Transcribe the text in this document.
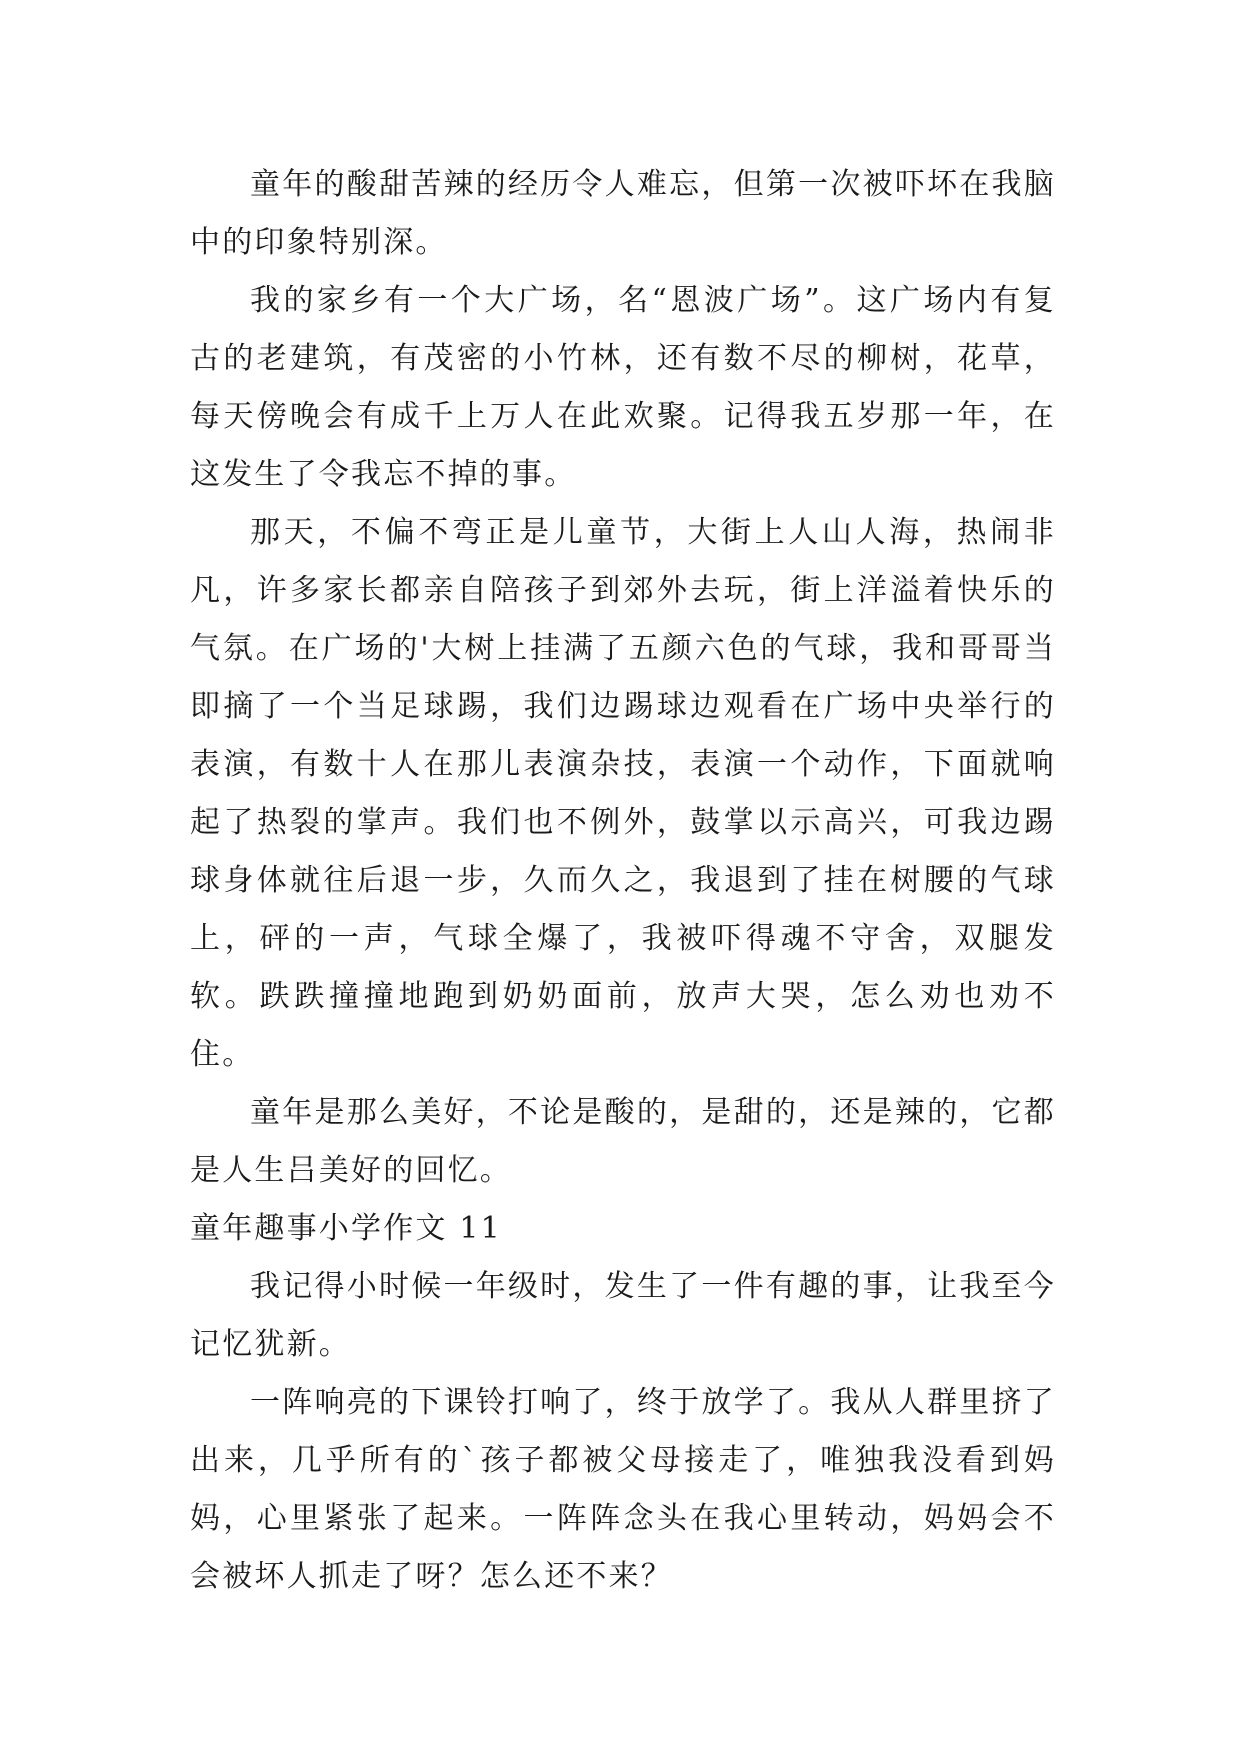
童年的酸甜苦辣的经历令人难忘，但第一次被吓坏在我脑中的印象特别深。

我的家乡有一个大广场，名“恩波广场”。这广场内有复古的老建筑，有茂密的小竹林，还有数不尽的柳树，花草，每天傍晚会有成千上万人在此欢聚。记得我五岁那一年，在这发生了令我忘不掉的事。

那天，不偏不弯正是儿童节，大街上人山人海，热闹非凡，许多家长都亲自陪孩子到郊外去玩，街上洋溢着快乐的气氛。在广场的'大树上挂满了五颜六色的气球，我和哥哥当即摘了一个当足球踢，我们边踢球边观看在广场中央举行的表演，有数十人在那儿表演杂技，表演一个动作，下面就响起了热裂的掌声。我们也不例外，鼓掌以示高兴，可我边踢球身体就往后退一步，久而久之，我退到了挂在树腰的气球上，砰的一声，气球全爆了，我被吓得魂不守舍，双腿发软。跌跌撞撞地跑到奶奶面前，放声大哭，怎么劝也劝不住。

童年是那么美好，不论是酸的，是甜的，还是辣的，它都是人生吕美好的回忆。

童年趣事小学作文 11

我记得小时候一年级时，发生了一件有趣的事，让我至今记忆犹新。

一阵响亮的下课铃打响了，终于放学了。我从人群里挤了出来，几乎所有的`孩子都被父母接走了，唯独我没看到妈妈，心里紧张了起来。一阵阵念头在我心里转动，妈妈会不会被坏人抓走了呀？怎么还不来？
